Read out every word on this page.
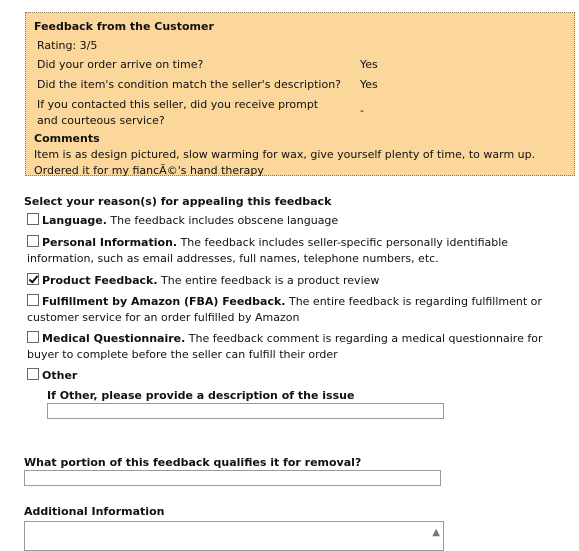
Feedback from the Customer
Rating: 3/5
Did your order arrive on time?	Yes
Did the item's condition match the seller's description? Yes
If you contacted this seller, did you receive prompt and courteous service?
-
Comments
Item is as design pictured, slow warming for wax, give yourself plenty of time, to warm up. Ordered it for my fiancÃ©'s hand therapy
Select your reason(s) for appealing this feedback
Language. The feedback includes obscene language
Personal Information. The feedback includes seller-specific personally identifiable information, such as email addresses, full names, telephone numbers, etc.
Product Feedback. The entire feedback is a product review
Fulfillment by Amazon (FBA) Feedback. The entire feedback is regarding fulfillment or customer service for an order fulfilled by Amazon
Medical Questionnaire. The feedback comment is regarding a medical questionnaire for buyer to complete before the seller can fulfill their order
Other
If Other, please provide a description of the issue
What portion of this feedback qualifies it for removal?
Additional Information
▲
